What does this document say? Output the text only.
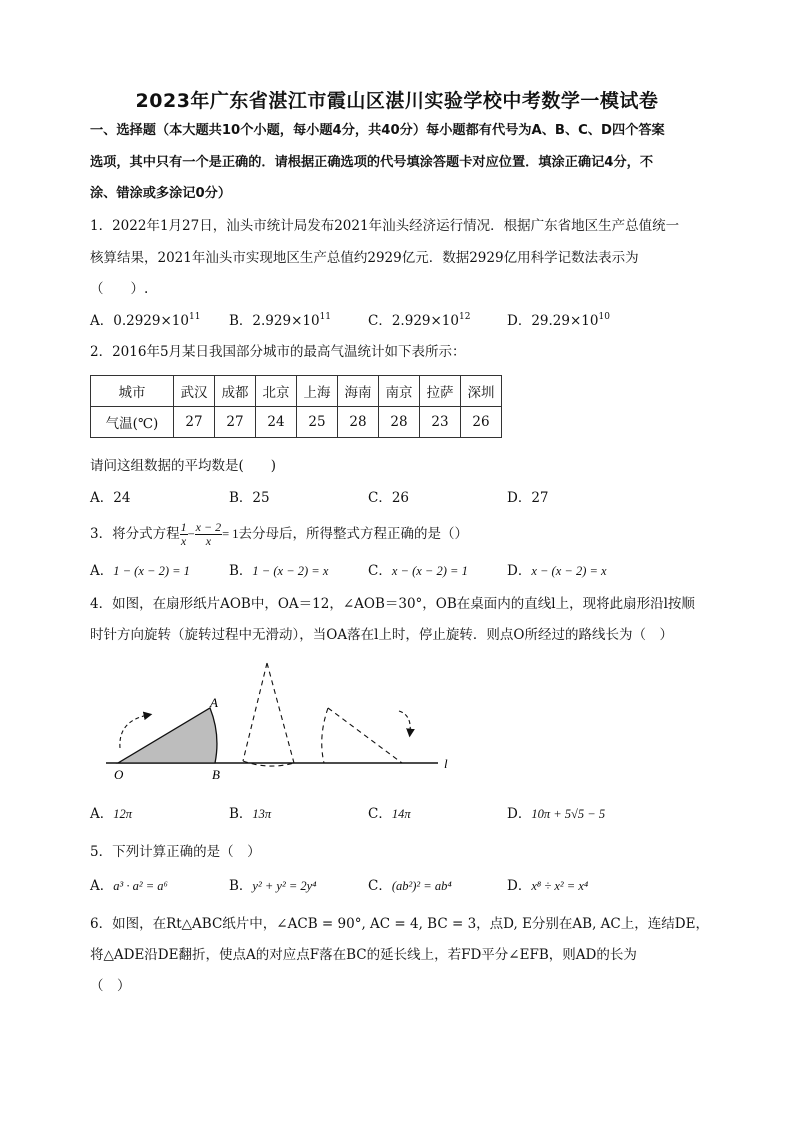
2023年广东省湛江市霞山区湛川实验学校中考数学一模试卷
一、选择题（本大题共10个小题，每小题4分，共40分）每小题都有代号为A、B、C、D四个答案
选项，其中只有一个是正确的．请根据正确选项的代号填涂答题卡对应位置．填涂正确记4分，不
涂、错涂或多涂记0分）
1．2022年1月27日，汕头市统计局发布2021年汕头经济运行情况．根据广东省地区生产总值统一
核算结果，2021年汕头市实现地区生产总值约2929亿元．数据2929亿用科学记数法表示为
（　　）.
A．$0.2929\times 10^{11}$ B．$2.929\times 10^{11}$	C．$2.929\times 10^{12}$	D．$29.29\times 10^{10}$
2．2016年5月某日我国部分城市的最高气温统计如下表所示：
城市	武汉	成都	北京	上海	海南	南京	拉萨	深圳
气温(℃)	27	27	24	25	28	28	23	26
请问这组数据的平均数是(　　)
A．24	B．25	C．26	D．27
3．将分式方程 $\frac{1}{x} - \frac{x - 2}{x} = 1$去分母后，所得整式方程正确的是（）
A．1 − (x − 2) = 1	B．1 − (x − 2) = x	C．x − (x − 2) = 1	D．x − (x − 2) = x
4．如图，在扇形纸片AOB中，OA＝12，∠AOB＝30°，OB在桌面内的直线l上，现将此扇形沿l按顺
时针方向旋转（旋转过程中无滑动），当OA落在l上时，停止旋转．则点O所经过的路线长为（　）
O	B
A
l
A．12π	B．13π	C．14π	D．10π + 5√5 − 5
5．下列计算正确的是（　）
A．a³ · a² = a⁶	B．y² + y² = 2y⁴	C．(ab²)² = ab⁴	D．x⁸ ÷ x² = x⁴
6．如图，在Rt△ABC纸片中，∠ACB = 90°, AC = 4, BC = 3，点D, E分别在AB, AC上，连结DE，
将△ADE沿DE翻折，使点A的对应点F落在BC的延长线上，若FD平分∠EFB，则AD的长为
（　）
